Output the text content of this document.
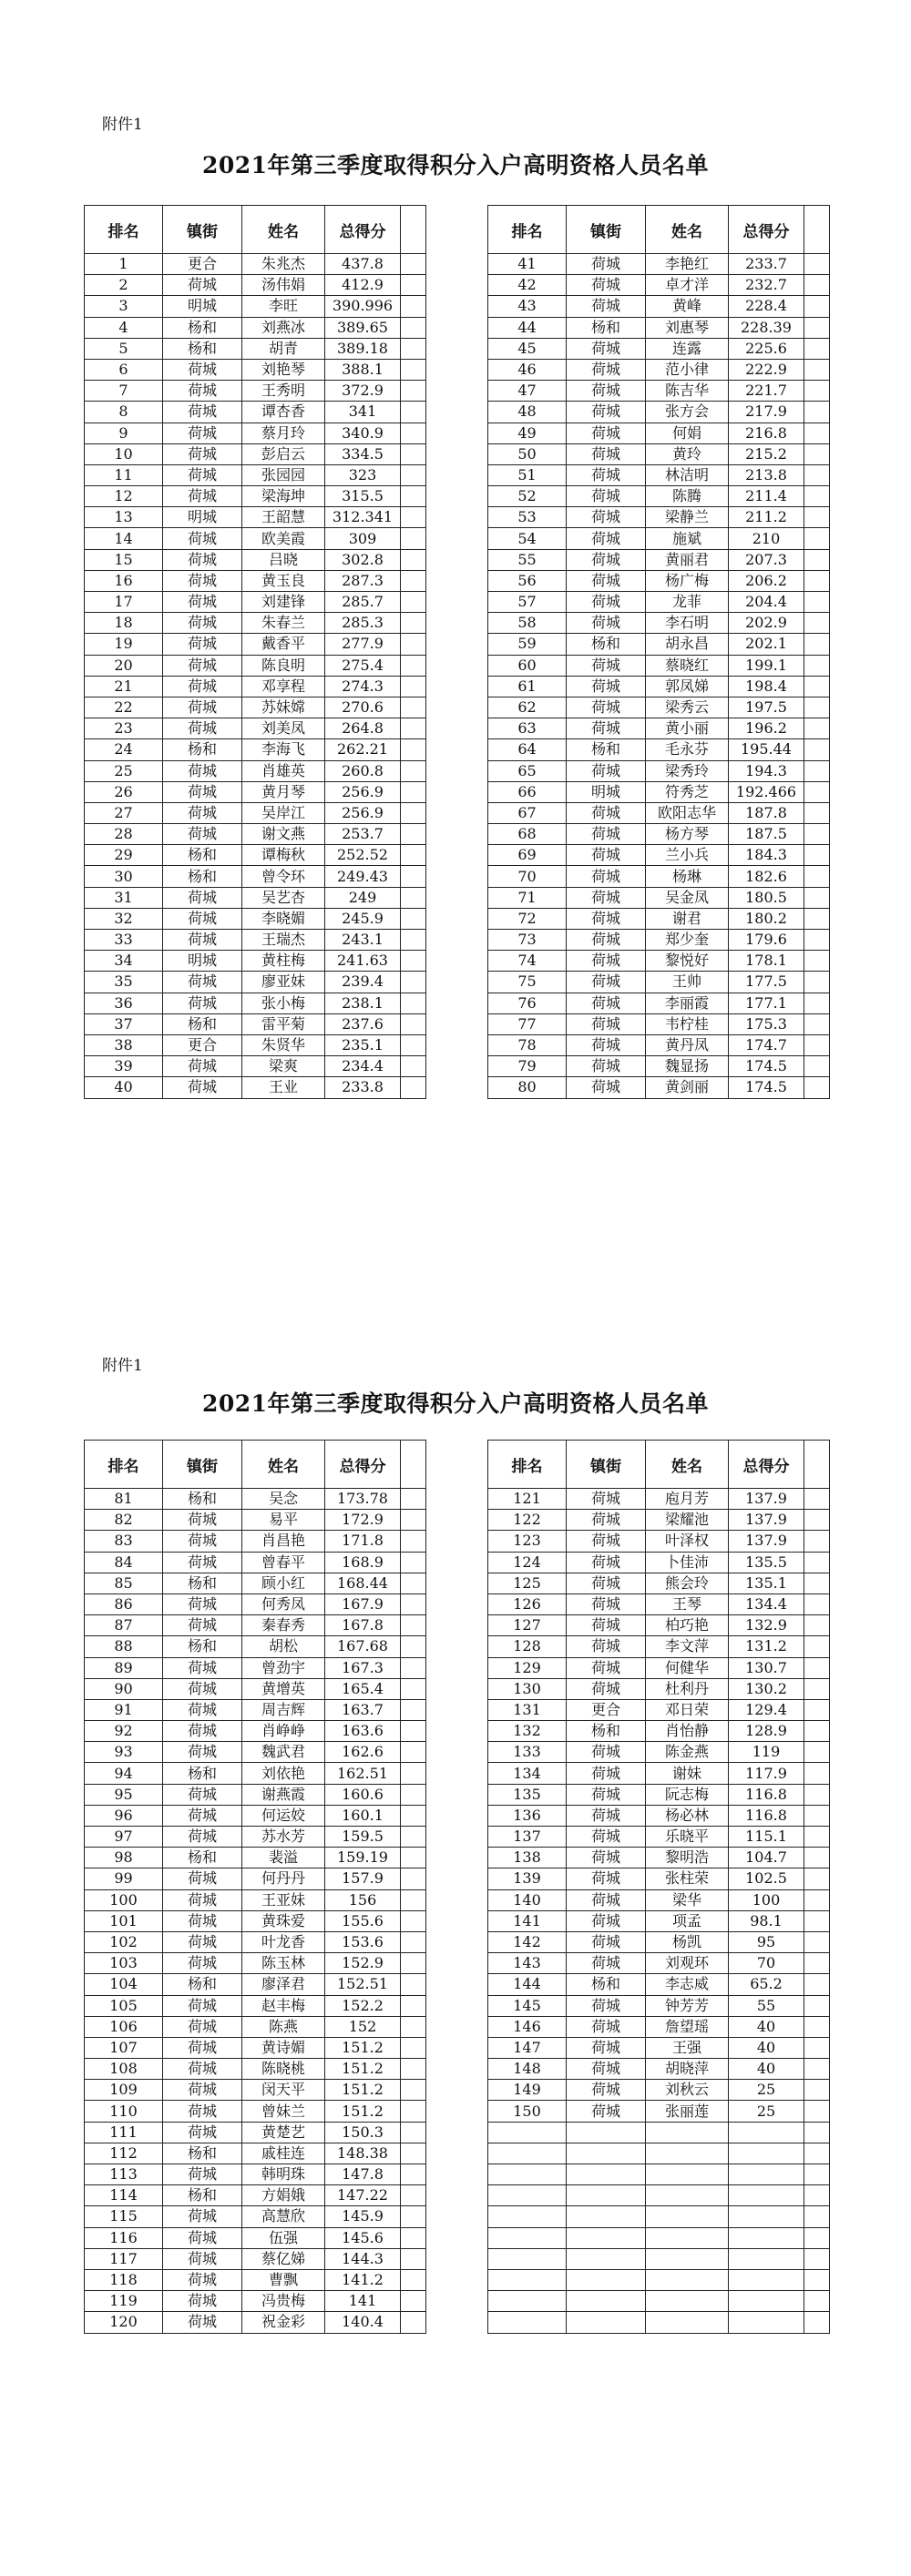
附件1
2021年第三季度取得积分入户高明资格人员名单
排名	镇街	姓名	总得分	
1	更合	朱兆杰	437.8	
2	荷城	汤伟娟	412.9	
3	明城	李旺	390.996	
4	杨和	刘燕冰	389.65	
5	杨和	胡青	389.18	
6	荷城	刘艳琴	388.1	
7	荷城	王秀明	372.9	
8	荷城	谭杏香	341	
9	荷城	蔡月玲	340.9	
10	荷城	彭启云	334.5	
11	荷城	张园园	323	
12	荷城	梁海坤	315.5	
13	明城	王韶慧	312.341	
14	荷城	欧美霞	309	
15	荷城	吕晓	302.8	
16	荷城	黄玉良	287.3	
17	荷城	刘建锋	285.7	
18	荷城	朱春兰	285.3	
19	荷城	戴香平	277.9	
20	荷城	陈良明	275.4	
21	荷城	邓享程	274.3	
22	荷城	苏妹嫦	270.6	
23	荷城	刘美凤	264.8	
24	杨和	李海飞	262.21	
25	荷城	肖雄英	260.8	
26	荷城	黄月琴	256.9	
27	荷城	吴岸江	256.9	
28	荷城	谢文燕	253.7	
29	杨和	谭梅秋	252.52	
30	杨和	曾令环	249.43	
31	荷城	吴艺杏	249	
32	荷城	李晓媚	245.9	
33	荷城	王瑞杰	243.1	
34	明城	黄柱梅	241.63	
35	荷城	廖亚妹	239.4	
36	荷城	张小梅	238.1	
37	杨和	雷平菊	237.6	
38	更合	朱贤华	235.1	
39	荷城	梁爽	234.4	
40	荷城	王业	233.8	
排名	镇街	姓名	总得分	
41	荷城	李艳红	233.7	
42	荷城	卓才洋	232.7	
43	荷城	黄峰	228.4	
44	杨和	刘惠琴	228.39	
45	荷城	连露	225.6	
46	荷城	范小律	222.9	
47	荷城	陈吉华	221.7	
48	荷城	张方会	217.9	
49	荷城	何娟	216.8	
50	荷城	黄玲	215.2	
51	荷城	林洁明	213.8	
52	荷城	陈腾	211.4	
53	荷城	梁静兰	211.2	
54	荷城	施斌	210	
55	荷城	黄丽君	207.3	
56	荷城	杨广梅	206.2	
57	荷城	龙菲	204.4	
58	荷城	李石明	202.9	
59	杨和	胡永昌	202.1	
60	荷城	蔡晓红	199.1	
61	荷城	郭凤娣	198.4	
62	荷城	梁秀云	197.5	
63	荷城	黄小丽	196.2	
64	杨和	毛永芬	195.44	
65	荷城	梁秀玲	194.3	
66	明城	符秀芝	192.466	
67	荷城	欧阳志华	187.8	
68	荷城	杨方琴	187.5	
69	荷城	兰小兵	184.3	
70	荷城	杨琳	182.6	
71	荷城	吴金凤	180.5	
72	荷城	谢君	180.2	
73	荷城	郑少奎	179.6	
74	荷城	黎悦好	178.1	
75	荷城	王帅	177.5	
76	荷城	李丽霞	177.1	
77	荷城	韦柠桂	175.3	
78	荷城	黄丹凤	174.7	
79	荷城	魏显扬	174.5	
80	荷城	黄剑丽	174.5	
附件1
2021年第三季度取得积分入户高明资格人员名单
排名	镇街	姓名	总得分	
81	杨和	吴念	173.78	
82	荷城	易平	172.9	
83	荷城	肖昌艳	171.8	
84	荷城	曾春平	168.9	
85	杨和	顾小红	168.44	
86	荷城	何秀凤	167.9	
87	荷城	秦春秀	167.8	
88	杨和	胡松	167.68	
89	荷城	曾劲宇	167.3	
90	荷城	黄增英	165.4	
91	荷城	周吉辉	163.7	
92	荷城	肖峥峥	163.6	
93	荷城	魏武君	162.6	
94	杨和	刘依艳	162.51	
95	荷城	谢燕霞	160.6	
96	荷城	何运姣	160.1	
97	荷城	苏水芳	159.5	
98	杨和	裴溢	159.19	
99	荷城	何丹丹	157.9	
100	荷城	王亚妹	156	
101	荷城	黄珠爱	155.6	
102	荷城	叶龙香	153.6	
103	荷城	陈玉林	152.9	
104	杨和	廖泽君	152.51	
105	荷城	赵丰梅	152.2	
106	荷城	陈燕	152	
107	荷城	黄诗媚	151.2	
108	荷城	陈晓桃	151.2	
109	荷城	闵天平	151.2	
110	荷城	曾妹兰	151.2	
111	荷城	黄楚艺	150.3	
112	杨和	戚桂连	148.38	
113	荷城	韩明珠	147.8	
114	杨和	方娟娥	147.22	
115	荷城	高慧欣	145.9	
116	荷城	伍强	145.6	
117	荷城	蔡亿娣	144.3	
118	荷城	曹飘	141.2	
119	荷城	冯贵梅	141	
120	荷城	祝金彩	140.4	
排名	镇街	姓名	总得分	
121	荷城	庖月芳	137.9	
122	荷城	梁耀池	137.9	
123	荷城	叶泽权	137.9	
124	荷城	卜佳沛	135.5	
125	荷城	熊会玲	135.1	
126	荷城	王琴	134.4	
127	荷城	柏巧艳	132.9	
128	荷城	李文萍	131.2	
129	荷城	何健华	130.7	
130	荷城	杜利丹	130.2	
131	更合	邓日荣	129.4	
132	杨和	肖怡静	128.9	
133	荷城	陈金燕	119	
134	荷城	谢妹	117.9	
135	荷城	阮志梅	116.8	
136	荷城	杨必林	116.8	
137	荷城	乐晓平	115.1	
138	荷城	黎明浩	104.7	
139	荷城	张柱荣	102.5	
140	荷城	梁华	100	
141	荷城	项孟	98.1	
142	荷城	杨凯	95	
143	荷城	刘观环	70	
144	杨和	李志威	65.2	
145	荷城	钟芳芳	55	
146	荷城	詹望瑶	40	
147	荷城	王强	40	
148	荷城	胡晓萍	40	
149	荷城	刘秋云	25	
150	荷城	张丽莲	25	
